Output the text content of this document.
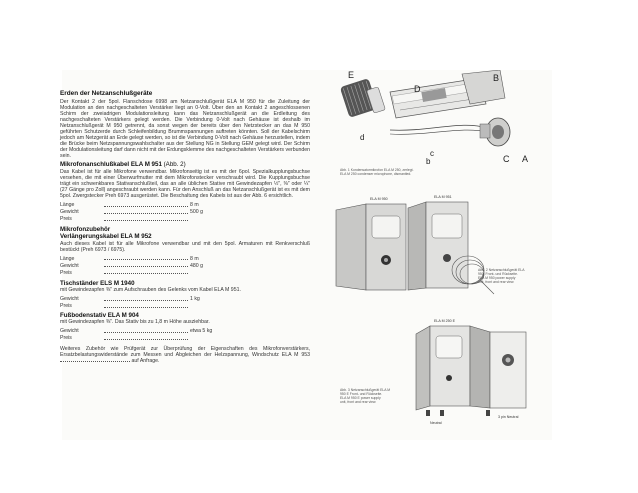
Erden der Netzanschlußgeräte

Der Kontakt 2 der 5pol. Flanschdose 6998 am Netzanschlußgerät ELA M 950 für die Zuleitung der Modulation an den nachgeschalteten Verstärker liegt an 0-Volt. Über den an Kontakt 2 angeschlossenen Schirm der zweiadrigen Modulationsleitung kann das Netzanschlußgerät an die Erdleitung des nachgeschalteten Verstärkers gelegt werden. Die Verbindung 0-Volt nach Gehäuse ist deshalb im Netzanschlußgerät M 950 getrennt, da sonst wegen der bereits über den Netzstecker an das M 950 geführten Schutzerde durch Schleifenbildung Brummspannungen auftreten könnten. Soll der Kabelschirm jedoch am Netzgerät an Erde gelegt werden, so ist die Verbindung 0-Volt nach Gehäuse herzustellen, indem die Brücke beim Netzspannungswahlschalter aus der Stellung NG in Stellung GEM gelegt wird. Der Schirm der Modulationsleitung darf dann nicht mit der Erdungsklemme des nachgeschalteten Verstärkers verbunden sein.

Mikrofonanschlußkabel ELA M 951 (Abb. 2)

Das Kabel ist für alle Mikrofone verwendbar. Mikrofonseitig ist es mit der 6pol. Spezialkupplungsbuchse versehen, die mit einer Überwurfmutter mit dem Mikrofonstecker verschraubt wird. Die Kupplungsbuchse trägt ein schwenkbares Stativanschlußteil, das an alle üblichen Stative mit Gewindezapfen ½″, ⅜″ oder ¼″ (27 Gänge pro Zoll) angeschraubt werden kann. Für den Anschluß an das Netzanschlußgerät ist es mit dem 5pol. Zwergstecker Preh 6973 ausgerüstet. Die Beschaltung des Kabels ist aus der Abb. 6 ersichtlich.

Länge	8 m
Gewicht	500 g
Preis
Mikrofonzubehör
Verlängerungskabel ELA M 952

Auch dieses Kabel ist für alle Mikrofone verwendbar und mit den 5pol. Armaturen mit Renkverschluß bestückt (Preh 6973 / 6975).

Länge	8 m
Gewicht	480 g
Preis
Tischständer ELS M 1940

mit Gewindezapfen ⅜″ zum Aufschrauben des Gelenks vom Kabel ELA M 951.

Gewicht	1 kg
Preis
Fußbodenstativ ELA M 904

mit Gewindezapfen ⅜″. Das Stativ bis zu 1,8 m Höhe ausziehbar.

Gewicht	etwa 5 kg
Preis

Weiteres Zubehör wie Prüfgerät zur Überprüfung der Eigenschaften des Mikrofonverstärkers, Ersatzbelastungswiderstände zum Messen und Abgleichen der Helzspannung, Windschutz ELA M 953  auf Anfrage.

E	B
D
d
c
b	C A
Abb. 1 Kondensatormikrofon ELA M 250, zerlegt.
ELA M 250 condenser microphone, dismantled.
ELA M 950	ELA M 951
Abb. 2 Netzanschlußgerät ELA
950, Front- und Rückseite.
ELA M 950 power supply
unit, front and rear view.
ELA M 250 E
Neutral
3 pin Neutral
Abb. 3 Netzanschlußgerät ELA M
950 E Front- und Rückseite.
ELA M 950 E power supply
unit, front and rear view.
